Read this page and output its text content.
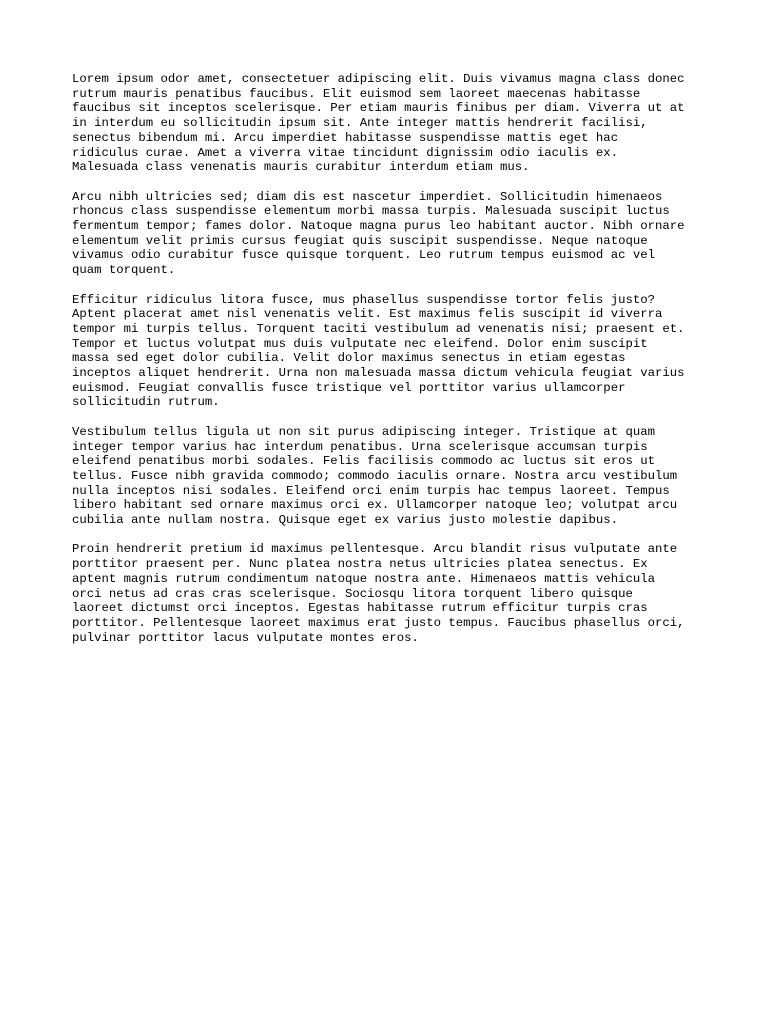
Lorem ipsum odor amet, consectetuer adipiscing elit. Duis vivamus magna class donec
rutrum mauris penatibus faucibus. Elit euismod sem laoreet maecenas habitasse
faucibus sit inceptos scelerisque. Per etiam mauris finibus per diam. Viverra ut at
in interdum eu sollicitudin ipsum sit. Ante integer mattis hendrerit facilisi,
senectus bibendum mi. Arcu imperdiet habitasse suspendisse mattis eget hac
ridiculus curae. Amet a viverra vitae tincidunt dignissim odio iaculis ex.
Malesuada class venenatis mauris curabitur interdum etiam mus.

Arcu nibh ultricies sed; diam dis est nascetur imperdiet. Sollicitudin himenaeos
rhoncus class suspendisse elementum morbi massa turpis. Malesuada suscipit luctus
fermentum tempor; fames dolor. Natoque magna purus leo habitant auctor. Nibh ornare
elementum velit primis cursus feugiat quis suscipit suspendisse. Neque natoque
vivamus odio curabitur fusce quisque torquent. Leo rutrum tempus euismod ac vel
quam torquent.

Efficitur ridiculus litora fusce, mus phasellus suspendisse tortor felis justo?
Aptent placerat amet nisl venenatis velit. Est maximus felis suscipit id viverra
tempor mi turpis tellus. Torquent taciti vestibulum ad venenatis nisi; praesent et.
Tempor et luctus volutpat mus duis vulputate nec eleifend. Dolor enim suscipit
massa sed eget dolor cubilia. Velit dolor maximus senectus in etiam egestas
inceptos aliquet hendrerit. Urna non malesuada massa dictum vehicula feugiat varius
euismod. Feugiat convallis fusce tristique vel porttitor varius ullamcorper
sollicitudin rutrum.

Vestibulum tellus ligula ut non sit purus adipiscing integer. Tristique at quam
integer tempor varius hac interdum penatibus. Urna scelerisque accumsan turpis
eleifend penatibus morbi sodales. Felis facilisis commodo ac luctus sit eros ut
tellus. Fusce nibh gravida commodo; commodo iaculis ornare. Nostra arcu vestibulum
nulla inceptos nisi sodales. Eleifend orci enim turpis hac tempus laoreet. Tempus
libero habitant sed ornare maximus orci ex. Ullamcorper natoque leo; volutpat arcu
cubilia ante nullam nostra. Quisque eget ex varius justo molestie dapibus.

Proin hendrerit pretium id maximus pellentesque. Arcu blandit risus vulputate ante
porttitor praesent per. Nunc platea nostra netus ultricies platea senectus. Ex
aptent magnis rutrum condimentum natoque nostra ante. Himenaeos mattis vehicula
orci netus ad cras cras scelerisque. Sociosqu litora torquent libero quisque
laoreet dictumst orci inceptos. Egestas habitasse rutrum efficitur turpis cras
porttitor. Pellentesque laoreet maximus erat justo tempus. Faucibus phasellus orci,
pulvinar porttitor lacus vulputate montes eros.
